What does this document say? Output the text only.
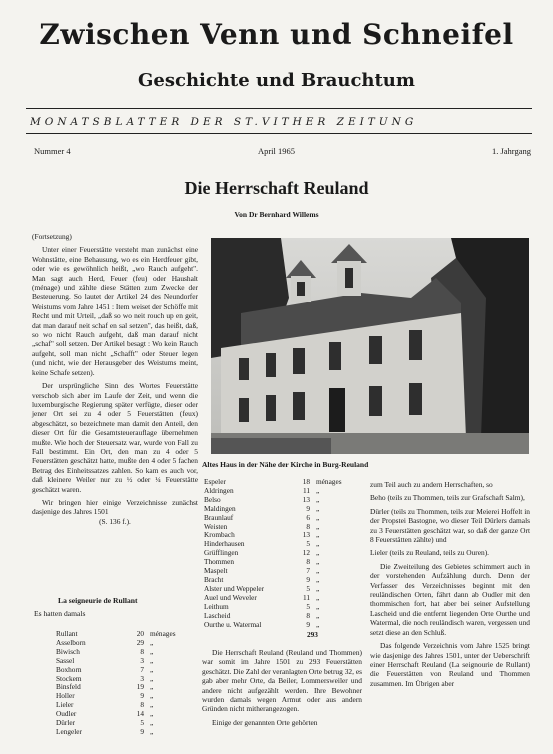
Zwischen Venn und Schneifel
Geschichte und Brauchtum
MONATSBLATTER DER ST.VITHER ZEITUNG
Nummer 4	April 1965	1. Jahrgang
Die Herrschaft Reuland
Von Dr Bernhard Willems

(Fortsetzung)

Unter einer Feuerstätte versteht man zunächst eine Wohnstätte, eine Behausung, wo es ein Herdfeuer gibt, oder wie es gewöhnlich heißt, „wo Rauch aufgeht". Man sagt auch Herd, Feuer (feu) oder Haushalt (ménage) und zählte diese Stätten zum Zwecke der Besteuerung. So lautet der Artikel 24 des Neundorfer Weistums vom Jahre 1451 : Item weiset der Schöffe mit Recht und mit Urteil, „daß so wo neit rouch up en geit, dat man darauf neit schaf en sal setzen", das heißt, daß, so wo nicht Rauch aufgeht, daß man darauf nicht „schaf" soll setzen. Der Artikel besagt : Wo kein Rauch aufgeht, soll man nicht „Schafft" oder Steuer legen (und nicht, wie der Herausgeber des Weistums meint, keine Schafe setzen).

Der ursprüngliche Sinn des Wortes Feuerstätte verschob sich aber im Laufe der Zeit, und wenn die luxemburgische Regierung später verfügte, dieser oder jener Ort sei zu 4 oder 5 Feuerstätten (feux) abgeschätzt, so bezeichnete man damit den Anteil, den dieser Ort für die Gesamtsteuerauflage übernehmen mußte. Wie hoch der Steuersatz war, wurde von Fall zu Fall bestimmt. Ein Ort, den man zu 4 oder 5 Feuerstätten geschätzt hatte, mußte den 4 oder 5 fachen Betrag des Einheitssatzes zahlen. So kam es auch vor, daß kleinere Weiler nur zu ½ oder ¼ Feuerstätte geschätzt waren.

Wir bringen hier einige Verzeichnisse zunächst dasjenige des Jahres 1501

(S. 136 f.).

La seigneurie de Rullant
Es hatten damals
Rullant	20	ménages
Asselborn	29	„
Biwisch	8	„
Sassel	3	„
Boxhorn	7	„
Stockem	3	„
Binsfeld	19	„
Holler	9	„
Lieler	8	„
Oudler	14	„
Dürler	5	„
Lengeler	9	„
Altes Haus in der Nähe der Kirche in Burg-Reuland
Espeler	18	ménages
Aldringen	11	„
Belso	13	„
Maldingen	9	„
Braunlauf	6	„
Weisten	8	„
Krombach	13	„
Hinderhausen	5	„
Grüfflingen	12	„
Thommen	8	„
Maspelt	7	„
Bracht	9	„
Alster und Weppeler	5	„
Auel und Weveler	11	„
Leithum	5	„
Lascheid	8	„
Ourthe u. Watermal	9	„
293

Die Herrschaft Reuland (Reuland und Thommen) war somit im Jahre 1501 zu 293 Feuerstätten geschätzt. Die Zahl der veranlagten Orte betrug 32, es gab aber mehr Orte, da Beiler, Lommersweiler und andere nicht aufgezählt werden. Ihre Bewohner wurden damals wegen Armut oder aus andern Gründen nicht mitherangezogen.

Einige der genannten Orte gehörten

zum Teil auch zu andern Herrschaften, so

Beho (teils zu Thommen, teils zur Grafschaft Salm),

Dürler (teils zu Thommen, teils zur Meierei Hoffelt in der Propstei Bastogne, wo dieser Teil Dürlers damals zu 3 Feuerstätten geschätzt war, so daß der ganze Ort 8 Feuerstätten zählte) und

Lieler (teils zu Reuland, teils zu Ouren).

Die Zweiteilung des Gebietes schimmert auch in der vorstehenden Aufzählung durch. Denn der Verfasser des Verzeichnisses beginnt mit den reuländischen Orten, fährt dann ab Oudler mit den thommischen fort, hat aber bei seiner Aufstellung Lascheid und die entfernt liegenden Orte Ourthe und Watermal, die noch reuländisch waren, vergessen und setzt diese an den Schluß.

Das folgende Verzeichnis vom Jahre 1525 bringt wie dasjenige des Jahres 1501, unter der Ueberschrift einer Herrschaft Reuland (La seignourie de Rullant) die Feuerstätten von Reuland und Thommen zusammen. Im Übrigen aber
